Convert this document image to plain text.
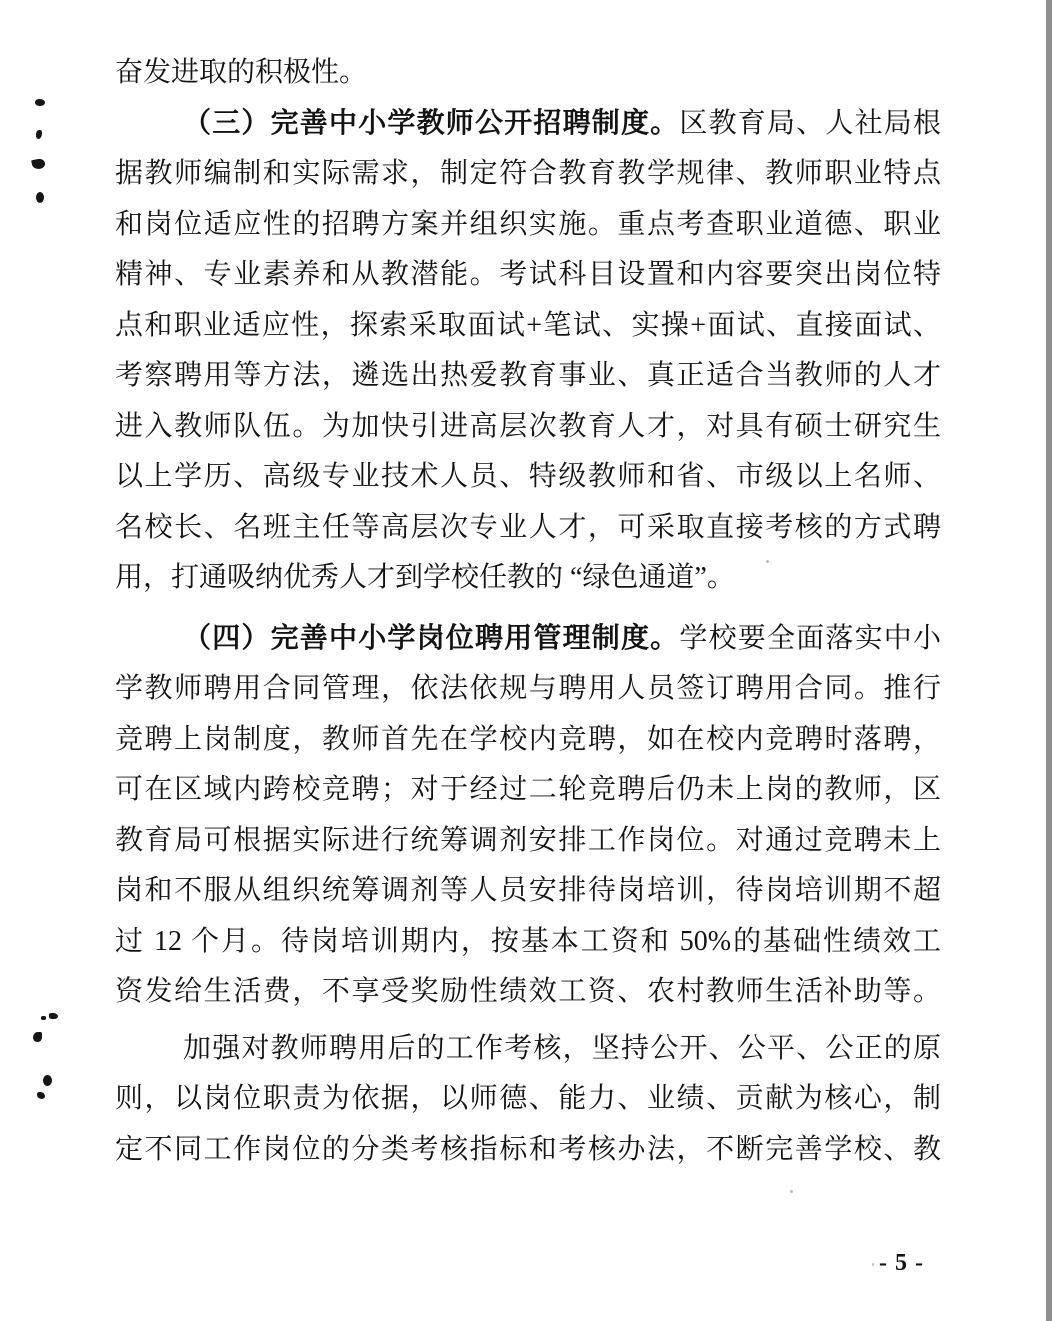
奋发进取的积极性。
（三）完善中小学教师公开招聘制度。区教育局、人社局根
据教师编制和实际需求，制定符合教育教学规律、教师职业特点
和岗位适应性的招聘方案并组织实施。重点考查职业道德、职业
精神、专业素养和从教潜能。考试科目设置和内容要突出岗位特
点和职业适应性，探索采取面试+笔试、实操+面试、直接面试、
考察聘用等方法，遴选出热爱教育事业、真正适合当教师的人才
进入教师队伍。为加快引进高层次教育人才，对具有硕士研究生
以上学历、高级专业技术人员、特级教师和省、市级以上名师、
名校长、名班主任等高层次专业人才，可采取直接考核的方式聘
用，打通吸纳优秀人才到学校任教的 “绿色通道”。
（四）完善中小学岗位聘用管理制度。学校要全面落实中小
学教师聘用合同管理，依法依规与聘用人员签订聘用合同。推行
竞聘上岗制度，教师首先在学校内竞聘，如在校内竞聘时落聘，
可在区域内跨校竞聘；对于经过二轮竞聘后仍未上岗的教师，区
教育局可根据实际进行统筹调剂安排工作岗位。对通过竞聘未上
岗和不服从组织统筹调剂等人员安排待岗培训，待岗培训期不超
过 12 个月。待岗培训期内，按基本工资和 50%的基础性绩效工
资发给生活费，不享受奖励性绩效工资、农村教师生活补助等。
加强对教师聘用后的工作考核，坚持公开、公平、公正的原
则，以岗位职责为依据，以师德、能力、业绩、贡献为核心，制
定不同工作岗位的分类考核指标和考核办法，不断完善学校、教
- 5 -
